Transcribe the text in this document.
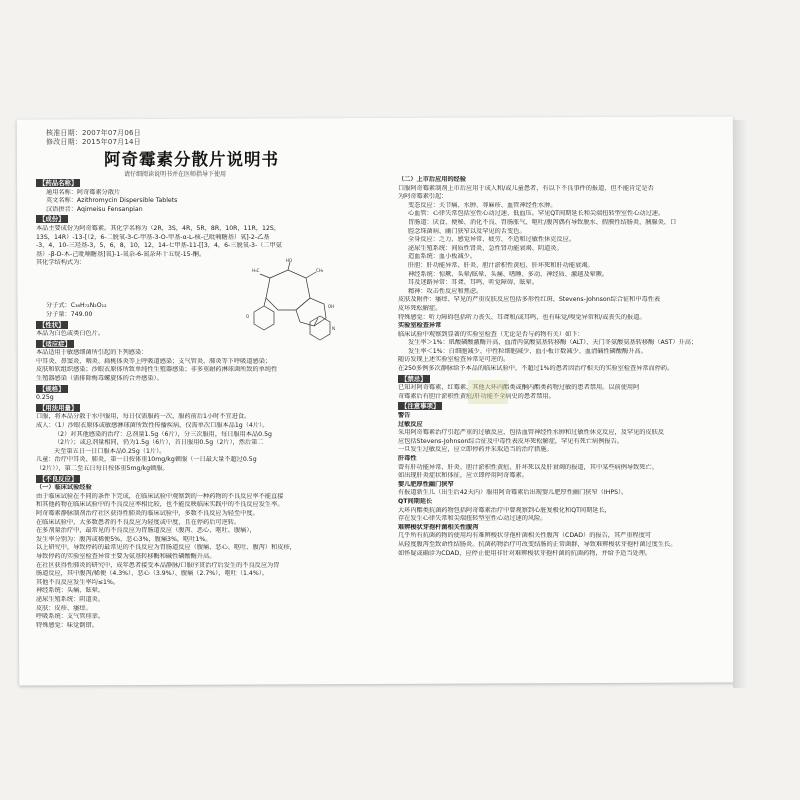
核准日期：2007年07月06日
修改日期：2015年07月14日
阿奇霉素分散片说明书
请仔细阅读说明书并在医师指导下使用
【药品名称】
通用名称：阿奇霉素分散片
英文名称：Azithromycin Dispersible Tablets
汉语拼音：Aqimeisu Fensanpian
【成份】
本品主要成份为阿奇霉素。其化学名称为（2R，3S，4R，5R，8R，10R，11R，12S，
13S，14R）-13-[（2，6-二脱氧-3-C-甲基-3-O-甲基-α-L-核-己吡喃糖基）氧]-2-乙基
-3，4，10-三羟基-3，5，6，8，10，12，14-七甲基-11-[[3，4，6-三脱氧-3-（二甲氨
基）-β-D-木-己吡喃糖基]氧]-1-氧杂-6-氮杂环十五烷-15-酮。
其化学结构式为：
分子式：C₃₈H₇₂N₂O₁₂
分子量：749.00
【性状】
本品为白色或类白色片。
【适应症】
本品适用于敏感细菌所引起的下列感染：
中耳炎、鼻窦炎、咽炎、扁桃体炎等上呼吸道感染；支气管炎、肺炎等下呼吸道感染；
皮肤和软组织感染；沙眼衣原体所致单纯性生殖器感染；非多重耐药淋球菌所致的单纯性
生殖器感染（需排除梅毒螺旋体的合并感染）。
【规格】
0.25g
【用法用量】
口服，将本品分散于水中服用，每日仅需服药一次，服药前后1小时不宜进食。
成人：（1）沙眼衣原体或敏感淋球菌所致性传播疾病，仅需单次口服本品1g（4片）。
（2）对其他感染的治疗：总剂量1.5g（6片），分三次服用，每日服用本品0.5g
（2片）；或总剂量相同，仍为1.5g（6片），首日服用0.5g（2片），然后第二
天至第五日一日口服本品0.25g（1片）。
儿童：治疗中耳炎、肺炎，第一日按体重10mg/kg顿服（一日最大量不超过0.5g
（2片）），第二至五日每日按体重5mg/kg顿服。
【不良反应】
（一）临床试验经验
由于临床试验在不同的条件下完成，在临床试验中观察到的一种药物的不良反应率不能直接
和其他药物在临床试验中的不良反应率相比较，也不能反映临床实践中的不良反应发生率。
阿奇霉素静脉制剂治疗社区获得性肺炎的临床试验中，多数不良反应为轻至中度。
在临床试验中，大多数患者的不良反应为轻度或中度，且在停药后可逆转。
在多剂量治疗中，最常见的不良反应为胃肠道反应（腹泻、恶心、呕吐、腹痛），
发生率分别为：腹泻或稀便5%，恶心3%，腹痛3%，呕吐1%。
以上研究中，导致停药的最常见的不良反应为胃肠道反应（腹痛、恶心、呕吐、腹泻）和皮疹，
导致停药的实验室检查异常主要为氨基转移酶和碱性磷酸酶升高。
在社区获得性肺炎的研究中，成年患者接受本品静脉/口服序贯治疗后发生的不良反应为胃
肠道反应，其中腹泻/稀便（4.3%）、恶心（3.9%）、腹痛（2.7%）、呕吐（1.4%）。
其他不良反应发生率均≤1%。
神经系统：头痛、眩晕。
泌尿生殖系统：阴道炎。
皮肤：皮疹、瘙痒。
呼吸系统：支气管痉挛。
特殊感觉：味觉倒错。
（二）上市后应用的经验
口服阿奇霉素制剂上市后应用于成人和/或儿童患者，有以下不良事件的报道，但不能肯定是否
为阿奇霉素引起：
变态反应：关节痛、水肿、荨麻疹、血管神经性水肿。
心血管：心律失常包括室性心动过速、低血压。罕见QT间期延长和尖端扭转型室性心动过速。
胃肠道：厌食、便秘、消化不良、胃肠胀气、呕吐/腹泻偶有导致脱水、假膜性结肠炎、胰腺炎、口
腔念珠菌病、幽门狭窄以及罕见的舌变色。
全身反应：乏力、感觉异常、疲劳、不适和过敏性休克反应。
泌尿生殖系统：间质性肾炎、急性肾功能衰竭、阴道炎。
造血系统：血小板减少。
肝胆：肝功能异常、肝炎、胆汁淤积性黄疸、肝坏死和肝功能衰竭。
神经系统：惊厥、头晕/眩晕、头痛、嗜睡、多动、神经质、激越及晕厥。
耳及迷路异常：耳聋、耳鸣、听觉障碍、眩晕。
精神：攻击性反应和焦虑。
皮肤及附件：瘙痒、罕见的严重皮肤反应包括多形性红斑、Stevens-Johnson综合征和中毒性表
皮坏死松解症。
特殊感觉：听力障碍包括听力丧失、耳聋和/或耳鸣，也有味觉/嗅觉异常和/或丧失的报道。
实验室检查异常
临床试验中观察到显著的实验室检查（无论是否与药物有关）如下：
发生率＞1%：肌酸磷酸激酶升高、血清丙氨酸氨基转移酶（ALT）、天门冬氨酸氨基转移酶（AST）升高；
发生率＜1%：白细胞减少、中性粒细胞减少、血小板计数减少、血清碱性磷酸酶升高。
随访发现上述实验室检查异常是可逆的。
在250多例多次静脉给予本品的临床试验中，不超过1%的患者因治疗相关的实验室检查异常而停药。
【禁忌】
已知对阿奇霉素、红霉素、其他大环内酯类或酮内酯类药物过敏的患者禁用。以前使用阿
奇霉素后有胆汁淤积性黄疸/肝功能不全病史的患者禁用。
【注意事项】
警告
过敏反应
采用阿奇霉素治疗引起严重的过敏反应，包括血管神经性水肿和过敏性休克反应，及罕见的皮肤反
应包括Stevens-Johnson综合征及中毒性表皮坏死松解症，罕见有死亡病例报告。
一旦发生过敏反应，应立即停药并采取适当的治疗措施。
肝毒性
曾有肝功能异常、肝炎、胆汁淤积性黄疸、肝坏死以及肝衰竭的报道，其中某些病例导致死亡。
如出现肝炎症状和体征，应立即停用阿奇霉素。
婴儿肥厚性幽门狭窄
有报道新生儿（出生后42天内）服用阿奇霉素后出现婴儿肥厚性幽门狭窄（IHPS）。
QT间期延长
大环内酯类抗菌药物包括阿奇霉素治疗中曾观察到心脏复极化和QT间期延长，
存在发生心律失常和尖端扭转型室性心动过速的风险。
难辨梭状芽孢杆菌相关性腹泻
几乎所有抗菌药物的使用均有难辨梭状芽孢杆菌相关性腹泻（CDAD）的报告，其严重程度可
从轻度腹泻至致命性结肠炎。抗菌药物治疗可改变结肠的正常菌群，导致难辨梭状芽孢杆菌过度生长。
如怀疑或确诊为CDAD，应停止使用非针对难辨梭状芽孢杆菌的抗菌药物，并给予适当处理。
HO
CH₃
H₃C
OH
O
N
